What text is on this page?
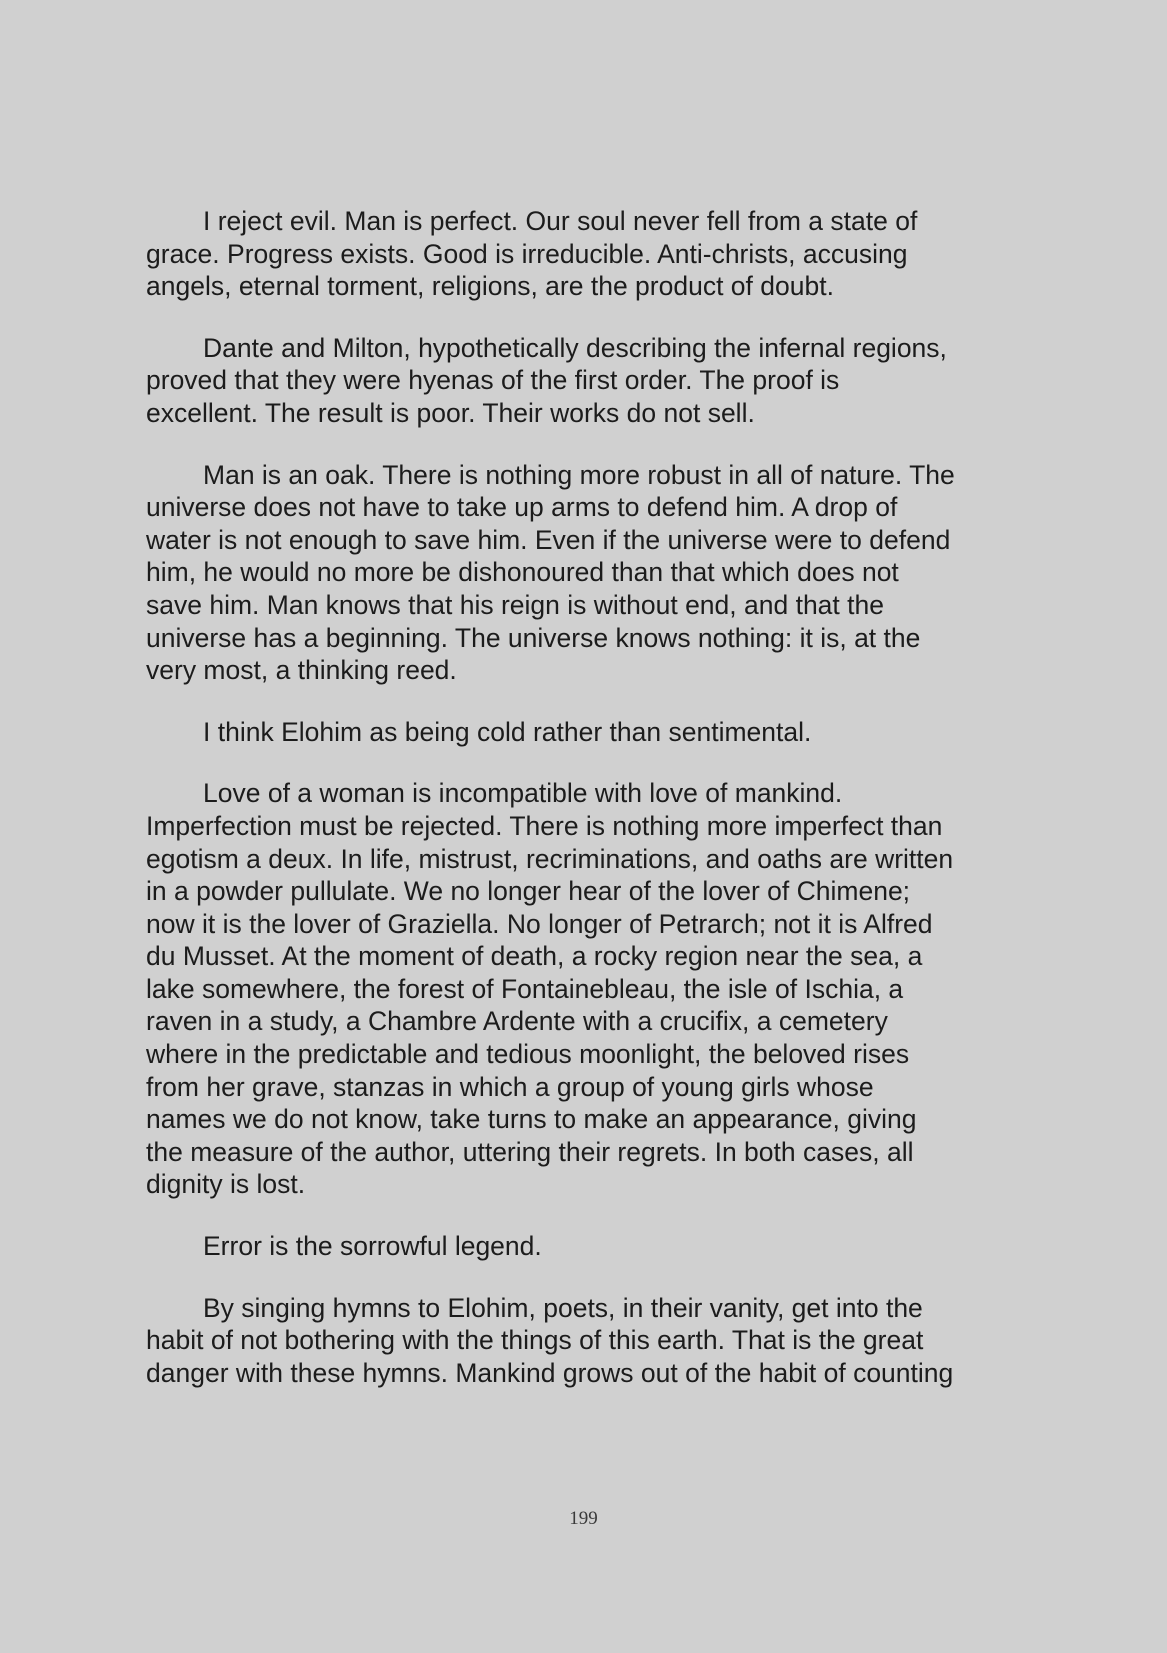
I reject evil. Man is perfect. Our soul never fell from a state of
grace. Progress exists. Good is irreducible. Anti-christs, accusing
angels, eternal torment, religions, are the product of doubt.

Dante and Milton, hypothetically describing the infernal regions,
proved that they were hyenas of the first order. The proof is
excellent. The result is poor. Their works do not sell.

Man is an oak. There is nothing more robust in all of nature. The
universe does not have to take up arms to defend him. A drop of
water is not enough to save him. Even if the universe were to defend
him, he would no more be dishonoured than that which does not
save him. Man knows that his reign is without end, and that the
universe has a beginning. The universe knows nothing: it is, at the
very most, a thinking reed.

I think Elohim as being cold rather than sentimental.

Love of a woman is incompatible with love of mankind.
Imperfection must be rejected. There is nothing more imperfect than
egotism a deux. In life, mistrust, recriminations, and oaths are written
in a powder pullulate. We no longer hear of the lover of Chimene;
now it is the lover of Graziella. No longer of Petrarch; not it is Alfred
du Musset. At the moment of death, a rocky region near the sea, a
lake somewhere, the forest of Fontainebleau, the isle of Ischia, a
raven in a study, a Chambre Ardente with a crucifix, a cemetery
where in the predictable and tedious moonlight, the beloved rises
from her grave, stanzas in which a group of young girls whose
names we do not know, take turns to make an appearance, giving
the measure of the author, uttering their regrets. In both cases, all
dignity is lost.

Error is the sorrowful legend.

By singing hymns to Elohim, poets, in their vanity, get into the
habit of not bothering with the things of this earth. That is the great
danger with these hymns. Mankind grows out of the habit of counting

199
